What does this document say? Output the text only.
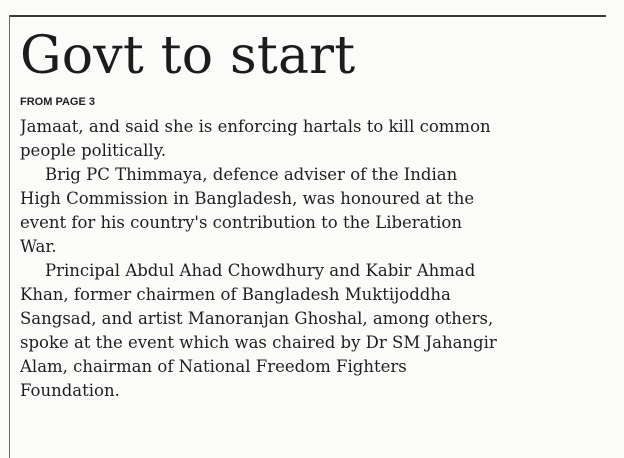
Govt to start
FROM PAGE 3
Jamaat, and said she is enforcing hartals to kill common
people politically.
Brig PC Thimmaya, defence adviser of the Indian
High Commission in Bangladesh, was honoured at the
event for his country's contribution to the Liberation
War.
Principal Abdul Ahad Chowdhury and Kabir Ahmad
Khan, former chairmen of Bangladesh Muktijoddha
Sangsad, and artist Manoranjan Ghoshal, among others,
spoke at the event which was chaired by Dr SM Jahangir
Alam, chairman of National Freedom Fighters
Foundation.
